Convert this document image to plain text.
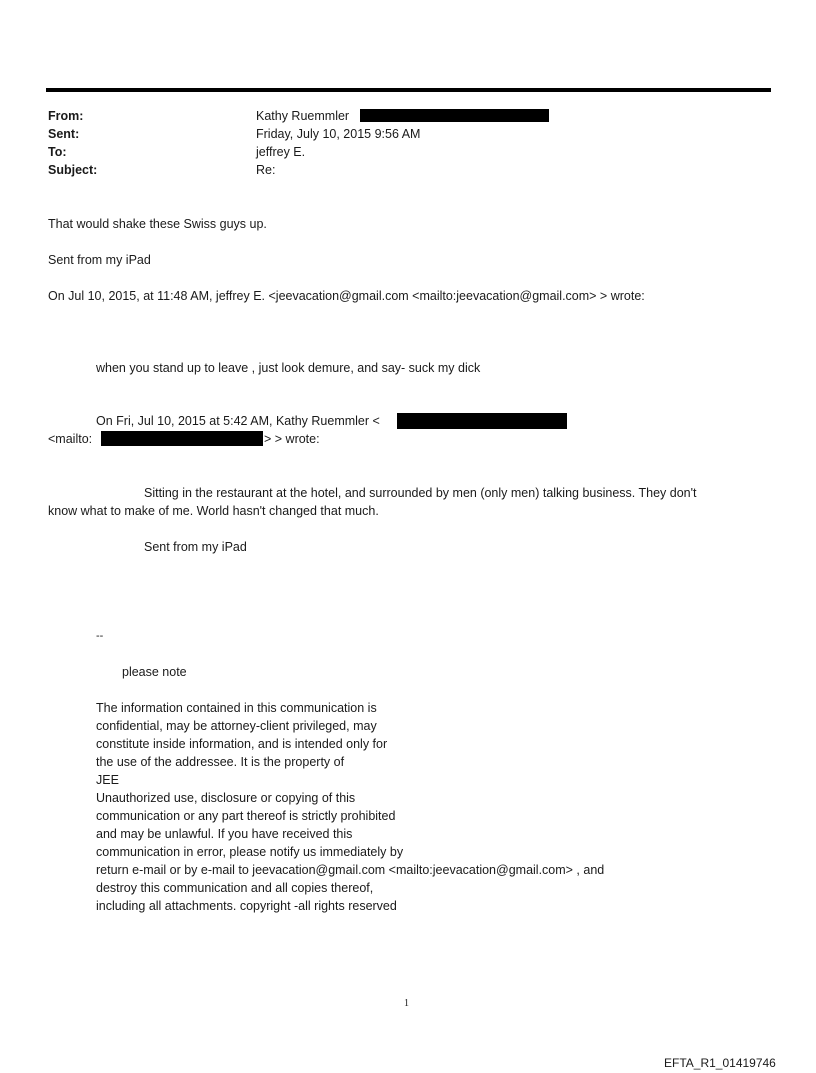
From:	Kathy Ruemmler
Sent:	Friday, July 10, 2015 9:56 AM
To:	jeffrey E.
Subject:	Re:
That would shake these Swiss guys up.
Sent from my iPad
On Jul 10, 2015, at 11:48 AM, jeffrey E. <jeevacation@gmail.com <mailto:jeevacation@gmail.com> > wrote:
when you stand up to leave , just look demure, and say- suck my dick
On Fri, Jul 10, 2015 at 5:42 AM, Kathy Ruemmler <
<mailto:	> > wrote:
Sitting in the restaurant at the hotel, and surrounded by men (only men) talking business. They don't
know what to make of me. World hasn't changed that much.
Sent from my iPad
--
please note
The information contained in this communication is
confidential, may be attorney-client privileged, may
constitute inside information, and is intended only for
the use of the addressee. It is the property of
JEE
Unauthorized use, disclosure or copying of this
communication or any part thereof is strictly prohibited
and may be unlawful. If you have received this
communication in error, please notify us immediately by
return e-mail or by e-mail to jeevacation@gmail.com <mailto:jeevacation@gmail.com> , and
destroy this communication and all copies thereof,
including all attachments. copyright -all rights reserved
1
EFTA_R1_01419746
